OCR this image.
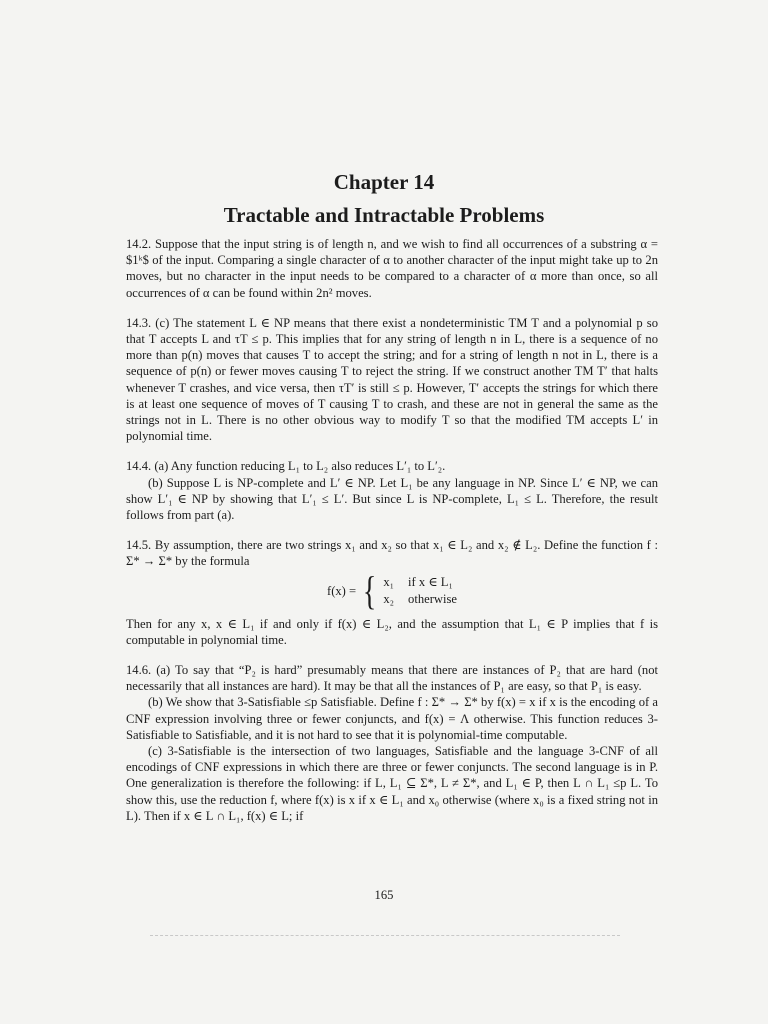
Chapter 14
Tractable and Intractable Problems

14.2. Suppose that the input string is of length n, and we wish to find all occurrences of a substring α = $1ᵏ$ of the input. Comparing a single character of α to another character of the input might take up to 2n moves, but no character in the input needs to be compared to a character of α more than once, so all occurrences of α can be found within 2n² moves.

14.3. (c) The statement L ∈ NP means that there exist a nondeterministic TM T and a polynomial p so that T accepts L and τT ≤ p. This implies that for any string of length n in L, there is a sequence of no more than p(n) moves that causes T to accept the string; and for a string of length n not in L, there is a sequence of p(n) or fewer moves causing T to reject the string. If we construct another TM T′ that halts whenever T crashes, and vice versa, then τT′ is still ≤ p. However, T′ accepts the strings for which there is at least one sequence of moves of T causing T to crash, and these are not in general the same as the strings not in L. There is no other obvious way to modify T so that the modified TM accepts L′ in polynomial time.

14.4. (a) Any function reducing L₁ to L₂ also reduces L′₁ to L′₂.

(b) Suppose L is NP-complete and L′ ∈ NP. Let L₁ be any language in NP. Since L′ ∈ NP, we can show L′₁ ∈ NP by showing that L′₁ ≤ L′. But since L is NP-complete, L₁ ≤ L. Therefore, the result follows from part (a).

14.5. By assumption, there are two strings x₁ and x₂ so that x₁ ∈ L₂ and x₂ ∉ L₂. Define the function f : Σ* → Σ* by the formula

f(x) = { x₁ if x ∈ L₁
x₂ otherwise

Then for any x, x ∈ L₁ if and only if f(x) ∈ L₂, and the assumption that L₁ ∈ P implies that f is computable in polynomial time.

14.6. (a) To say that “P₂ is hard” presumably means that there are instances of P₂ that are hard (not necessarily that all instances are hard). It may be that all the instances of P₁ are easy, so that P₁ is easy.

(b) We show that 3-Satisfiable ≤p Satisfiable. Define f : Σ* → Σ* by f(x) = x if x is the encoding of a CNF expression involving three or fewer conjuncts, and f(x) = Λ otherwise. This function reduces 3-Satisfiable to Satisfiable, and it is not hard to see that it is polynomial-time computable.

(c) 3-Satisfiable is the intersection of two languages, Satisfiable and the language 3-CNF of all encodings of CNF expressions in which there are three or fewer conjuncts. The second language is in P. One generalization is therefore the following: if L, L₁ ⊆ Σ*, L ≠ Σ*, and L₁ ∈ P, then L ∩ L₁ ≤p L. To show this, use the reduction f, where f(x) is x if x ∈ L₁ and x₀ otherwise (where x₀ is a fixed string not in L). Then if x ∈ L ∩ L₁, f(x) ∈ L; if

165
